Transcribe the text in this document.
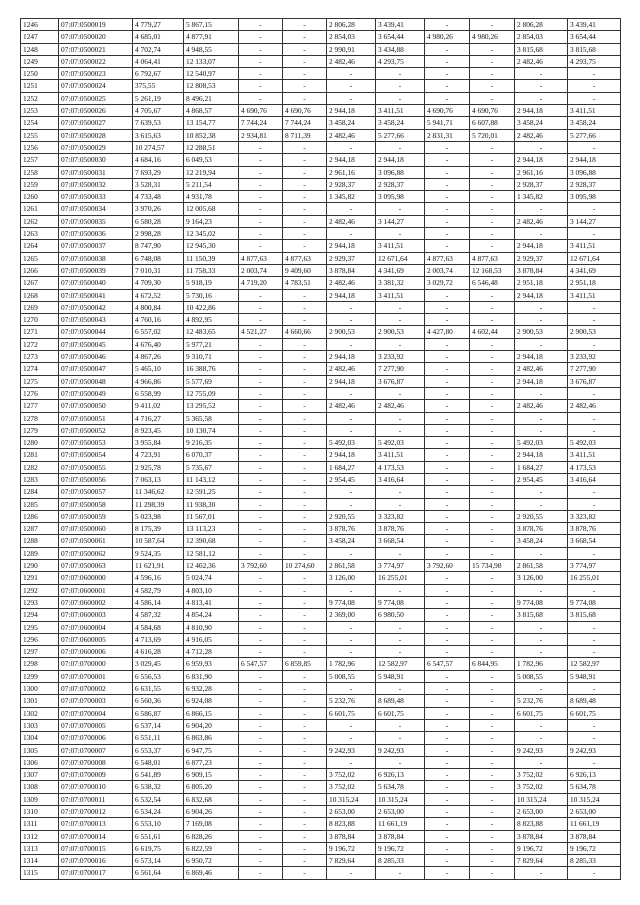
1246	07:07:0500019	4 779,27	5 867,15	-	-	2 806,28	3 439,41	-	-	2 806,28	3 439,41
1247	07:07:0500020	4 685,01	4 877,91	-	-	2 854,03	3 654,44	4 980,26	4 980,26	2 854,03	3 654,44
1248	07:07:0500021	4 702,74	4 948,55	-	-	2 990,91	3 434,88	-	-	3 815,68	3 815,68
1249	07:07:0500022	4 064,41	12 133,07	-	-	2 482,46	4 293,75	-	-	2 482,46	4 293,75
1250	07:07:0500023	6 792,67	12 540,97	-	-	-	-	-	-	-	-
1251	07:07:0500024	375,55	12 808,53	-	-	-	-	-	-	-	-
1252	07:07:0500025	5 261,19	8 496,21	-	-	-	-	-	-	-	-
1253	07:07:0500026	4 705,67	4 868,57	4 690,76	4 690,76	2 944,18	3 411,51	4 690,76	4 690,76	2 944,18	3 411,51
1254	07:07:0500027	7 639,53	13 154,77	7 744,24	7 744,24	3 458,24	3 458,24	5 941,71	6 607,88	3 458,24	3 458,24
1255	07:07:0500028	3 615,63	10 852,38	2 934,81	8 711,39	2 482,46	5 277,66	2 831,31	5 720,01	2 482,46	5 277,66
1256	07:07:0500029	10 274,57	12 288,51	-	-	-	-	-	-	-	-
1257	07:07:0500030	4 684,16	6 049,53	-	-	2 944,18	2 944,18	-	-	2 944,18	2 944,18
1258	07:07:0500031	7 693,29	12 219,94	-	-	2 961,16	3 096,88	-	-	2 961,16	3 096,88
1259	07:07:0500032	3 528,31	5 211,54	-	-	2 928,37	2 928,37	-	-	2 928,37	2 928,37
1260	07:07:0500033	4 733,48	4 931,78	-	-	1 345,82	3 095,98	-	-	1 345,82	3 095,98
1261	07:07:0500034	3 970,26	12 005,68	-	-	-	-	-	-	-	-
1262	07:07:0500035	6 580,28	9 164,23	-	-	2 482,46	3 144,27	-	-	2 482,46	3 144,27
1263	07:07:0500036	2 998,28	12 345,02	-	-	-	-	-	-	-	-
1264	07:07:0500037	8 747,90	12 945,30	-	-	2 944,18	3 411,51	-	-	2 944,18	3 411,51
1265	07:07:0500038	6 748,08	11 150,39	4 877,63	4 877,63	2 929,37	12 671,64	4 877,63	4 877,63	2 929,37	12 671,64
1266	07:07:0500039	7 010,31	11 758,33	2 003,74	9 409,60	3 878,84	4 341,69	2 003,74	12 168,53	3 878,84	4 341,69
1267	07:07:0500040	4 709,30	5 918,19	4 719,20	4 783,51	2 482,46	3 381,32	3 029,72	6 546,48	2 951,18	2 951,18
1268	07:07:0500041	4 672,52	5 730,16	-	-	2 944,18	3 411,51	-	-	2 944,18	3 411,51
1269	07:07:0500042	4 800,84	10 422,86	-	-	-	-	-	-	-	-
1270	07:07:0500043	4 760,16	4 892,95	-	-	-	-	-	-	-	-
1271	07:07:0500044	6 557,02	12 483,65	4 521,27	4 660,66	2 900,53	2 900,53	4 427,80	4 602,44	2 900,53	2 900,53
1272	07:07:0500045	4 676,40	5 977,21	-	-	-	-	-	-	-	-
1273	07:07:0500046	4 867,26	9 310,71	-	-	2 944,18	3 233,92	-	-	2 944,18	3 233,92
1274	07:07:0500047	5 465,10	16 388,76	-	-	2 482,46	7 277,90	-	-	2 482,46	7 277,90
1275	07:07:0500048	4 966,86	5 577,69	-	-	2 944,18	3 676,87	-	-	2 944,18	3 676,87
1276	07:07:0500049	6 558,99	12 755,09	-	-	-	-	-	-	-	-
1277	07:07:0500050	9 411,02	13 295,52	-	-	2 482,46	2 482,46	-	-	2 482,46	2 482,46
1278	07:07:0500051	4 716,27	5 365,58	-	-	-	-	-	-	-	-
1279	07:07:0500052	8 923,45	10 130,74	-	-	-	-	-	-	-	-
1280	07:07:0500053	3 955,84	9 216,35	-	-	5 492,03	5 492,03	-	-	5 492,03	5 492,03
1281	07:07:0500054	4 723,91	6 070,37	-	-	2 944,18	3 411,51	-	-	2 944,18	3 411,51
1282	07:07:0500055	2 925,78	5 735,67	-	-	1 684,27	4 173,53	-	-	1 684,27	4 173,53
1283	07:07:0500056	7 063,13	11 143,12	-	-	2 954,45	3 416,64	-	-	2 954,45	3 416,64
1284	07:07:0500057	11 346,62	12 591,25	-	-	-	-	-	-	-	-
1285	07:07:0500058	11 298,39	11 938,30	-	-	-	-	-	-	-	-
1286	07:07:0500059	5 023,98	11 567,01	-	-	2 920,55	3 323,82	-	-	2 920,55	3 323,82
1287	07:07:0500060	8 175,39	13 113,23	-	-	3 878,76	3 878,76	-	-	3 878,76	3 878,76
1288	07:07:0500061	10 587,64	12 390,68	-	-	3 458,24	3 668,54	-	-	3 458,24	3 668,54
1289	07:07:0500062	9 524,35	12 581,12	-	-	-	-	-	-	-	-
1290	07:07:0500063	11 621,91	12 462,36	3 792,60	10 274,60	2 861,58	3 774,97	3 792,60	15 734,98	2 861,58	3 774,97
1291	07:07:0600000	4 596,16	5 024,74	-	-	3 126,00	16 255,01	-	-	3 126,00	16 255,01
1292	07:07:0600001	4 582,79	4 803,10	-	-	-	-	-	-	-	-
1293	07:07:0600002	4 586,14	4 813,41	-	-	9 774,08	9 774,08	-	-	9 774,08	9 774,08
1294	07:07:0600003	4 587,32	4 854,24	-	-	2 369,00	6 980,50	-	-	3 815,68	3 815,68
1295	07:07:0600004	4 584,68	4 810,90	-	-	-	-	-	-	-	-
1296	07:07:0600005	4 713,69	4 916,05	-	-	-	-	-	-	-	-
1297	07:07:0600006	4 616,28	4 712,28	-	-	-	-	-	-	-	-
1298	07:07:0700000	3 029,45	6 959,93	6 547,57	6 859,85	1 782,96	12 582,97	6 547,57	6 844,95	1 782,96	12 582,97
1299	07:07:0700001	6 556,53	6 831,90	-	-	5 008,55	5 948,91	-	-	5 008,55	5 948,91
1300	07:07:0700002	6 631,55	6 932,28	-	-	-	-	-	-	-	-
1301	07:07:0700003	6 560,36	6 924,08	-	-	5 232,76	8 689,48	-	-	5 232,76	8 689,48
1302	07:07:0700004	6 586,87	6 866,15	-	-	6 601,75	6 601,75	-	-	6 601,75	6 601,75
1303	07:07:0700005	6 537,14	6 904,20	-	-	-	-	-	-	-	-
1304	07:07:0700006	6 551,11	6 863,86	-	-	-	-	-	-	-	-
1305	07:07:0700007	6 553,37	6 947,75	-	-	9 242,93	9 242,93	-	-	9 242,93	9 242,93
1306	07:07:0700008	6 548,01	6 877,23	-	-	-	-	-	-	-	-
1307	07:07:0700009	6 541,89	6 909,15	-	-	3 752,02	6 926,13	-	-	3 752,02	6 926,13
1308	07:07:0700010	6 538,32	6 805,20	-	-	3 752,02	5 634,78	-	-	3 752,02	5 634,78
1309	07:07:0700011	6 532,54	6 832,68	-	-	10 315,24	10 315,24	-	-	10 315,24	10 315,24
1310	07:07:0700012	6 534,24	6 904,26	-	-	2 653,00	2 653,00	-	-	2 653,00	2 653,00
1311	07:07:0700013	6 553,10	7 169,08	-	-	8 823,88	11 661,19	-	-	8 823,88	11 661,19
1312	07:07:0700014	6 551,61	6 828,26	-	-	3 878,84	3 878,84	-	-	3 878,84	3 878,84
1313	07:07:0700015	6 619,75	6 822,59	-	-	9 196,72	9 196,72	-	-	9 196,72	9 196,72
1314	07:07:0700016	6 573,14	6 950,72	-	-	7 829,64	8 285,33	-	-	7 829,64	8 285,33
1315	07:07:0700017	6 561,64	6 869,46	-	-	-	-	-	-	-	-
